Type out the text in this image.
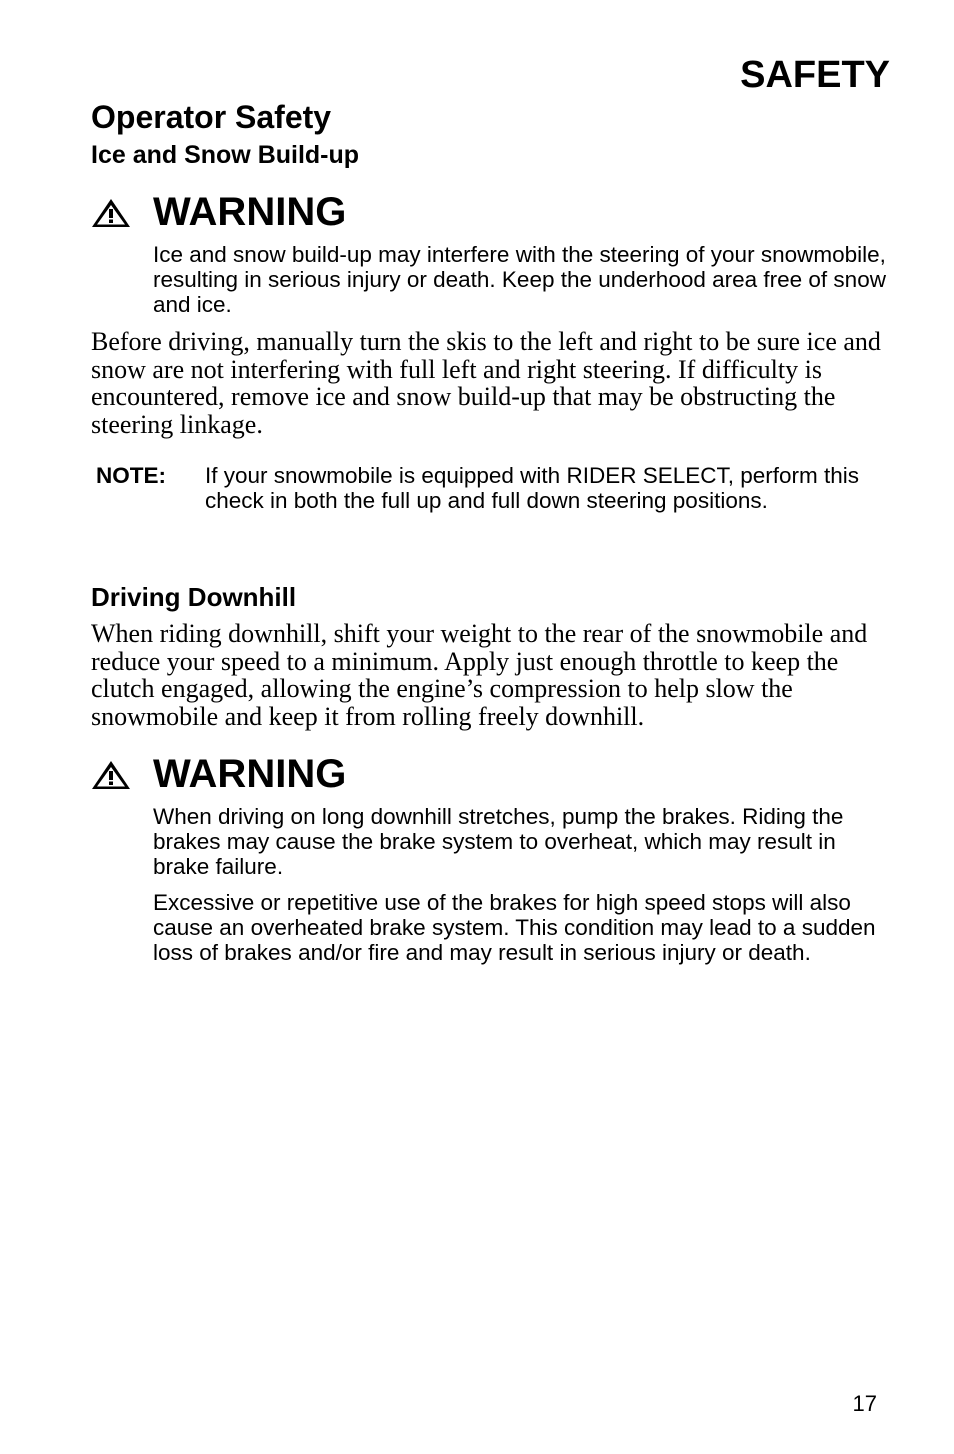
SAFETY
Operator Safety
Ice and Snow Build-up
WARNING

Ice and snow build-up may interfere with the steering of your snowmobile, resulting in serious injury or death. Keep the underhood area free of snow and ice.

Before driving, manually turn the skis to the left and right to be sure ice and snow are not interfering with full left and right steering. If difficulty is encountered, remove ice and snow build-up that may be obstructing the steering linkage.

NOTE: If your snowmobile is equipped with RIDER SELECT, perform this check in both the full up and full down steering positions.

Driving Downhill

When riding downhill, shift your weight to the rear of the snowmobile and reduce your speed to a minimum. Apply just enough throttle to keep the clutch engaged, allowing the engine’s compression to help slow the snowmobile and keep it from rolling freely downhill.

WARNING

When driving on long downhill stretches, pump the brakes. Riding the brakes may cause the brake system to overheat, which may result in brake failure.

Excessive or repetitive use of the brakes for high speed stops will also cause an overheated brake system. This condition may lead to a sudden loss of brakes and/or fire and may result in serious injury or death.

17
